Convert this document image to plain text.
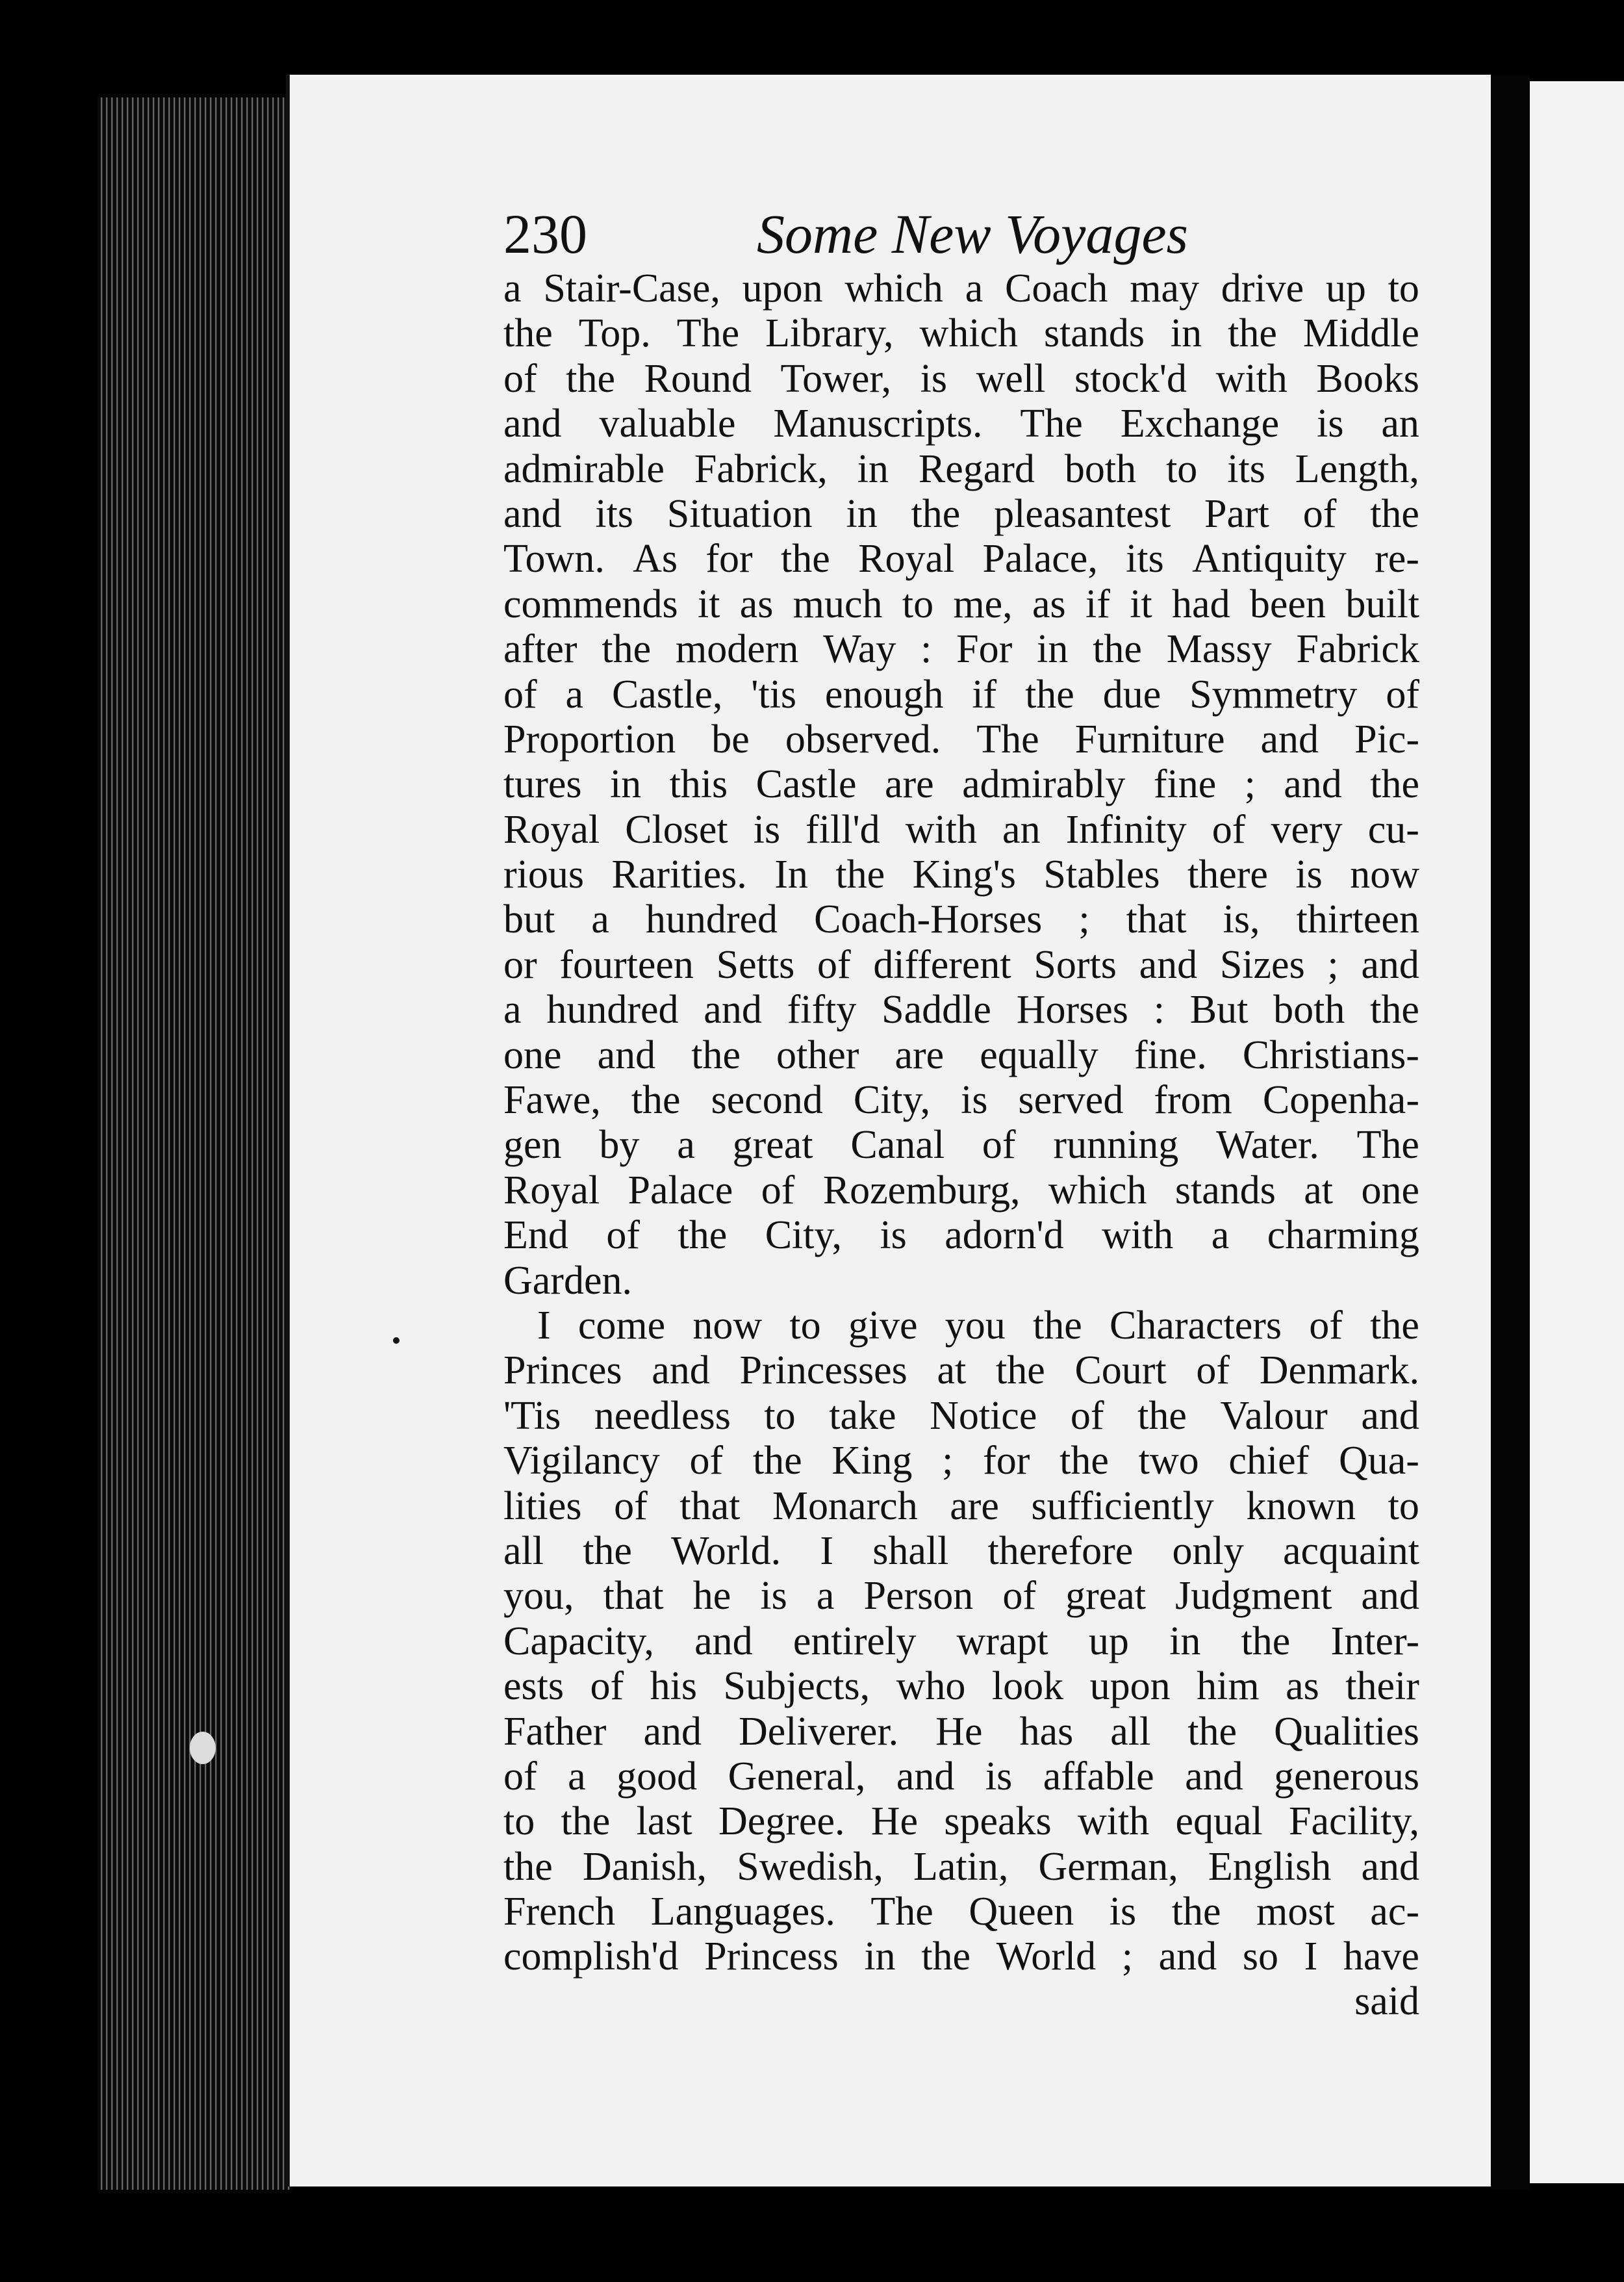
230	Some New Voyages
a Stair-Case, upon which a Coach may drive up to
the Top. The Library, which stands in the Middle
of the Round Tower, is well stock'd with Books
and valuable Manuscripts. The Exchange is an
admirable Fabrick, in Regard both to its Length,
and its Situation in the pleasantest Part of the
Town. As for the Royal Palace, its Antiquity re-
commends it as much to me, as if it had been built
after the modern Way : For in the Massy Fabrick
of a Castle, 'tis enough if the due Symmetry of
Proportion be observed. The Furniture and Pic-
tures in this Castle are admirably fine ; and the
Royal Closet is fill'd with an Infinity of very cu-
rious Rarities. In the King's Stables there is now
but a hundred Coach-Horses ; that is, thirteen
or fourteen Setts of different Sorts and Sizes ; and
a hundred and fifty Saddle Horses : But both the
one and the other are equally fine. Christians-
Fawe, the second City, is served from Copenha-
gen by a great Canal of running Water. The
Royal Palace of Rozemburg, which stands at one
End of the City, is adorn'd with a charming
Garden.
I come now to give you the Characters of the
Princes and Princesses at the Court of Denmark.
'Tis needless to take Notice of the Valour and
Vigilancy of the King ; for the two chief Qua-
lities of that Monarch are sufficiently known to
all the World. I shall therefore only acquaint
you, that he is a Person of great Judgment and
Capacity, and entirely wrapt up in the Inter-
ests of his Subjects, who look upon him as their
Father and Deliverer. He has all the Qualities
of a good General, and is affable and generous
to the last Degree. He speaks with equal Facility,
the Danish, Swedish, Latin, German, English and
French Languages. The Queen is the most ac-
complish'd Princess in the World ; and so I have
said
